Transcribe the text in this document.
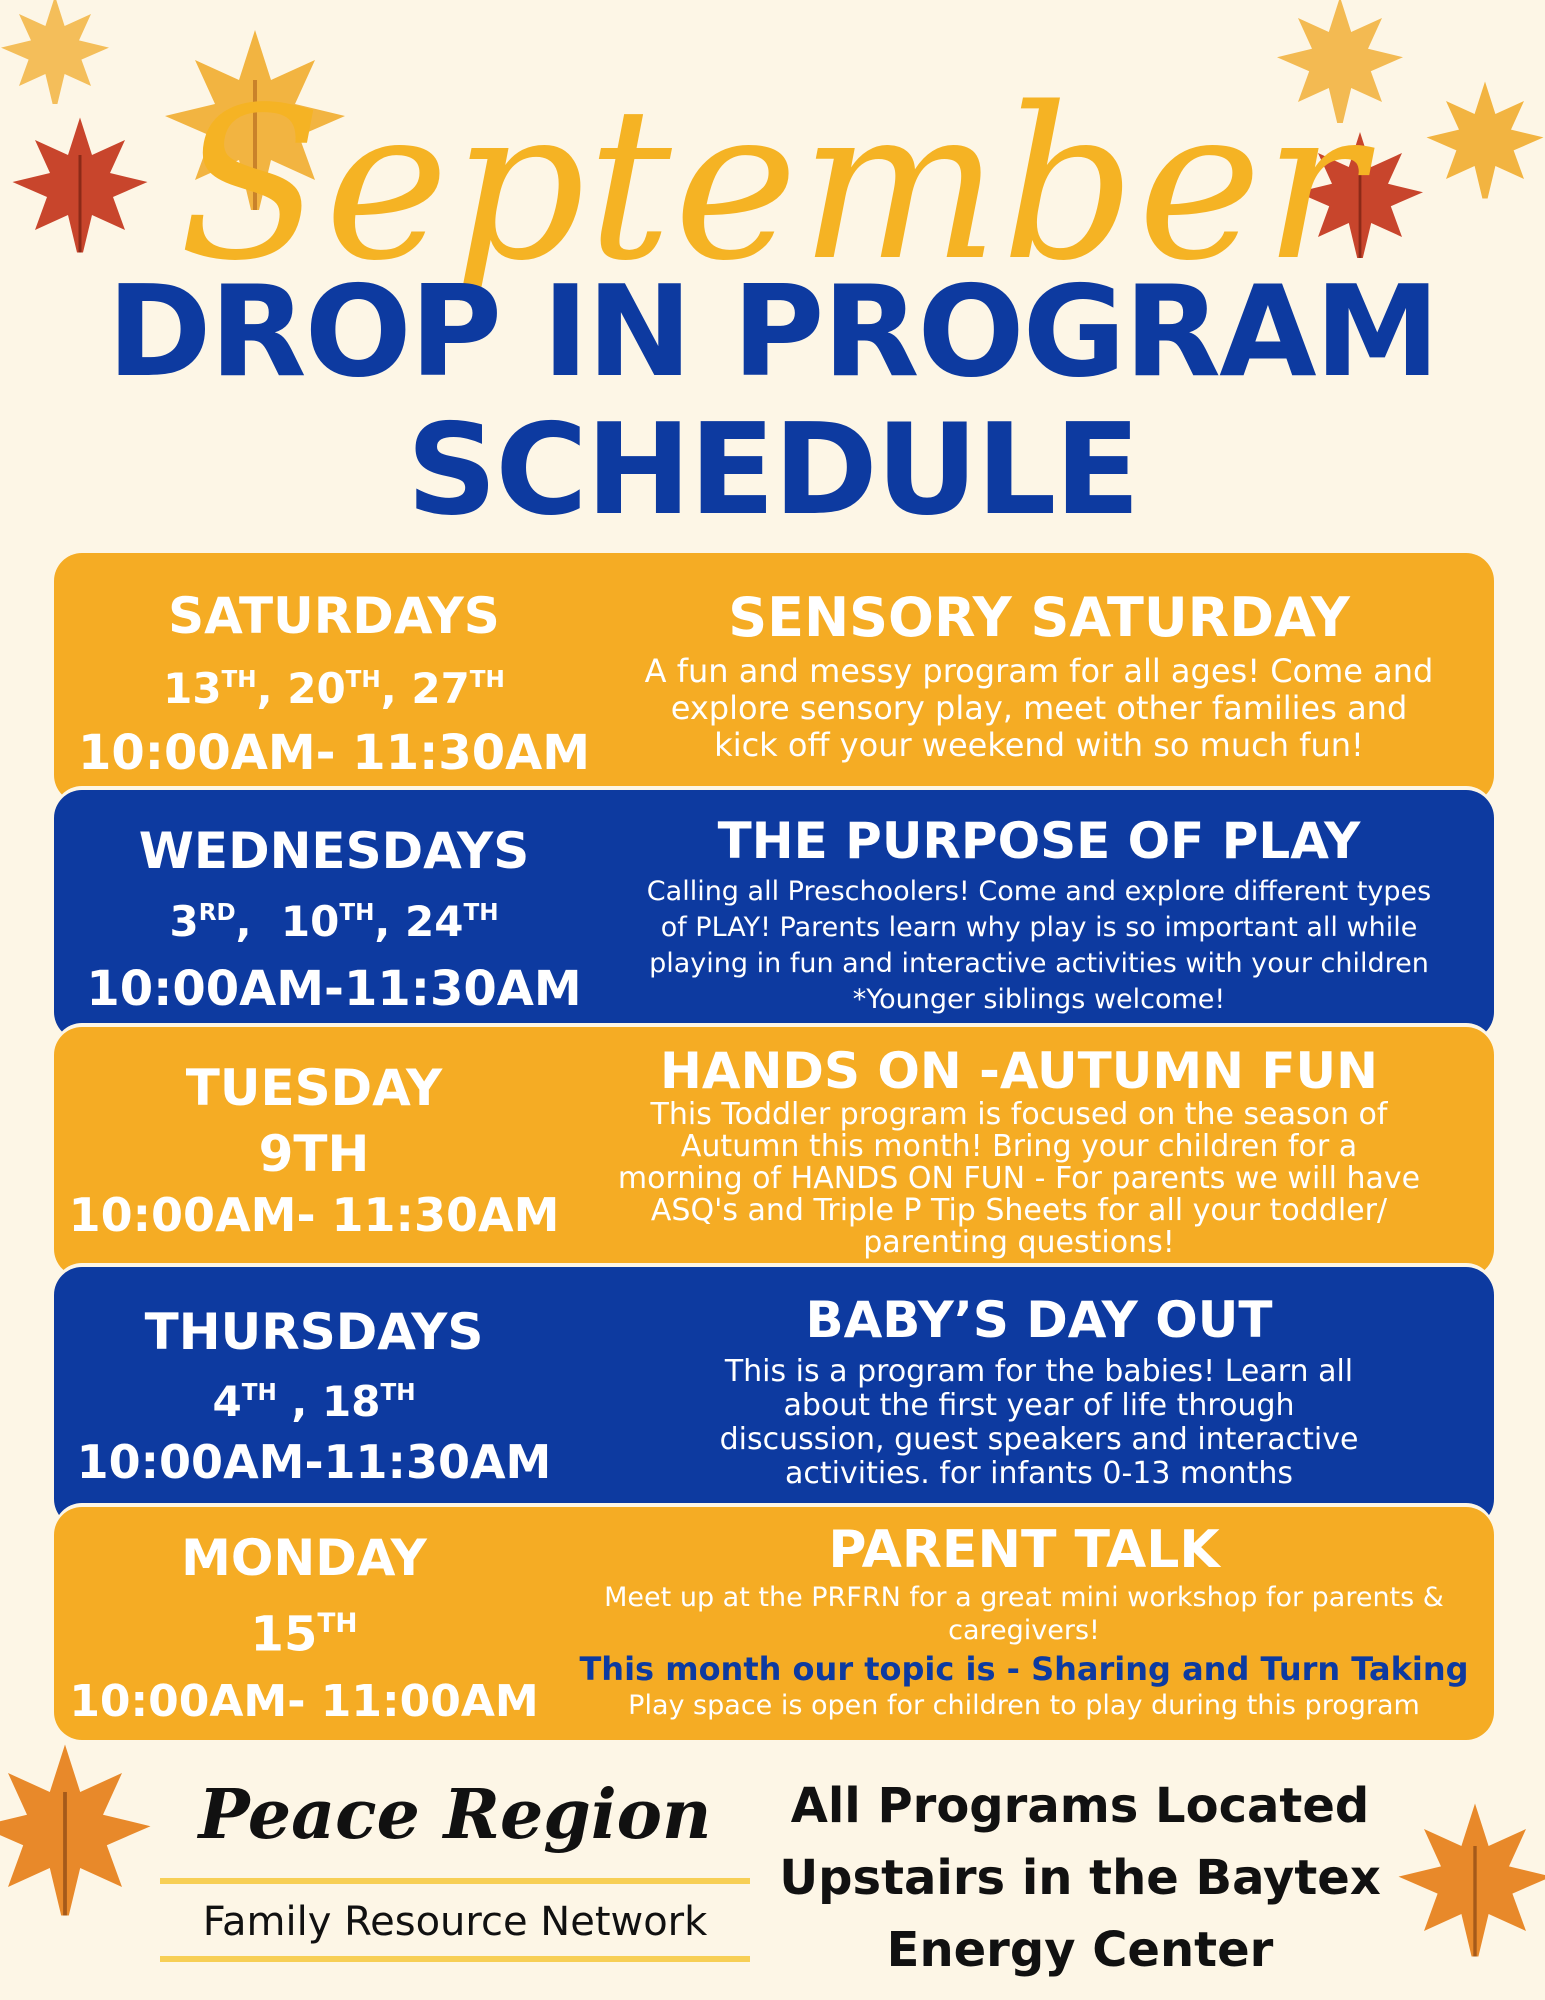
September
DROP IN PROGRAM
SCHEDULE
SATURDAYS
13TH, 20TH, 27TH
10:00AM- 11:30AM
SENSORY SATURDAY
A fun and messy program for all ages! Come and explore sensory play, meet other families and kick off your weekend with so much fun!
WEDNESDAYS
3RD,  10TH, 24TH
10:00AM-11:30AM
THE PURPOSE OF PLAY
Calling all Preschoolers! Come and explore different types of PLAY! Parents learn why play is so important all while playing in fun and interactive activities with your children *Younger siblings welcome!
TUESDAY
9TH
10:00AM- 11:30AM
HANDS ON -AUTUMN FUN
This Toddler program is focused on the season of Autumn this month! Bring your children for a morning of HANDS ON FUN - For parents we will have ASQ's and Triple P Tip Sheets for all your toddler/ parenting questions!
THURSDAYS
4TH , 18TH
10:00AM-11:30AM
BABY’S DAY OUT
This is a program for the babies! Learn all about the first year of life through discussion, guest speakers and interactive activities. for infants 0-13 months
MONDAY
15TH
10:00AM- 11:00AM
PARENT TALK
Meet up at the PRFRN for a great mini workshop for parents & caregivers!
This month our topic is - Sharing and Turn Taking
Play space is open for children to play during this program
Peace Region
Family Resource Network
All Programs Located Upstairs in the Baytex Energy Center
